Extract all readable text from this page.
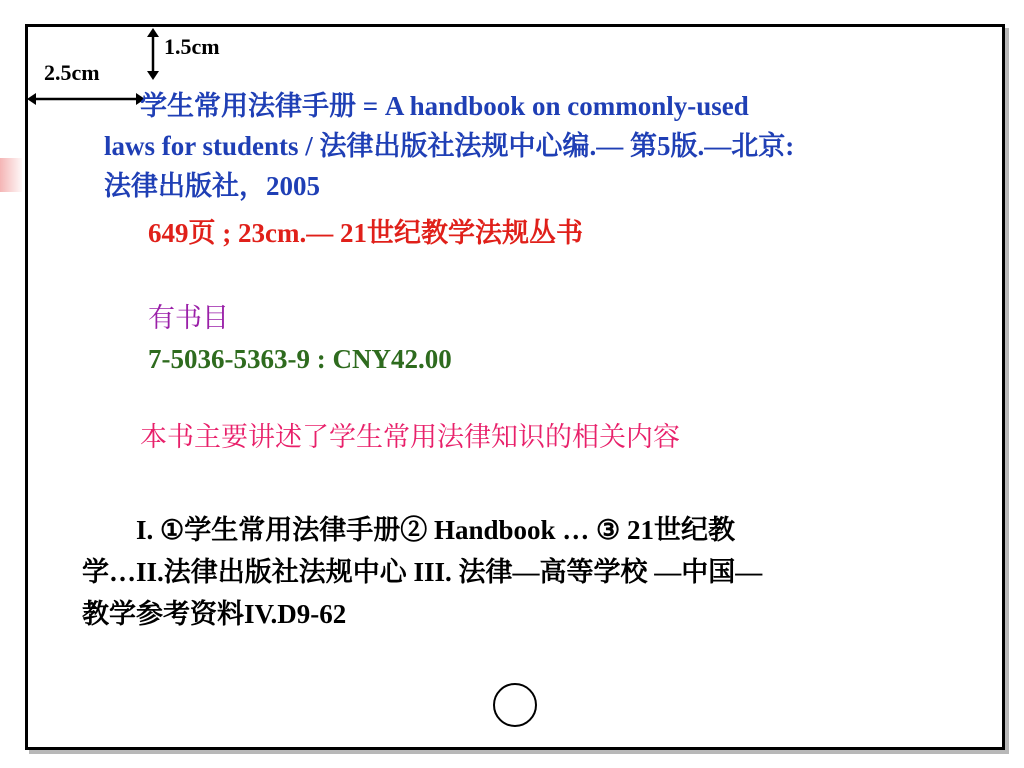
1.5cm
2.5cm
学生常用法律手册 = A handbook on commonly-used
laws for students / 法律出版社法规中心编.— 第5版.—北京:
法律出版社，2005
649页 ; 23cm.— 21世纪教学法规丛书
有书目
7-5036-5363-9 : CNY42.00
本书主要讲述了学生常用法律知识的相关内容
I. ①学生常用法律手册② Handbook … ③ 21世纪教
学…II.法律出版社法规中心 III. 法律—高等学校 —中国—
教学参考资料IV.D9-62
